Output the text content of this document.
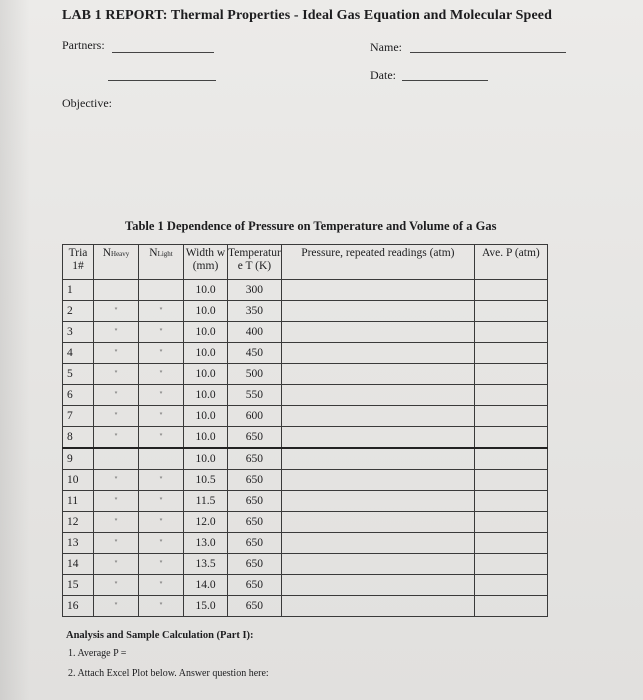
LAB 1 REPORT: Thermal Properties - Ideal Gas Equation and Molecular Speed
Partners:	Name:
Date:
Objective:
Table 1 Dependence of Pressure on Temperature and Volume of a Gas
Tria 1#	NHeavy	NLight	Width w (mm)	Temperatur e T (K)	Pressure, repeated readings (atm)	Ave. P (atm)
1			10.0	300		
2	"	"	10.0	350		
3	"	"	10.0	400		
4	"	"	10.0	450		
5	"	"	10.0	500		
6	"	"	10.0	550		
7	"	"	10.0	600		
8	"	"	10.0	650		
9			10.0	650		
10	"	"	10.5	650		
11	"	"	11.5	650		
12	"	"	12.0	650		
13	"	"	13.0	650		
14	"	"	13.5	650		
15	"	"	14.0	650		
16	"	"	15.0	650		
Analysis and Sample Calculation (Part I):
1. Average P =
2. Attach Excel Plot below. Answer question here:
